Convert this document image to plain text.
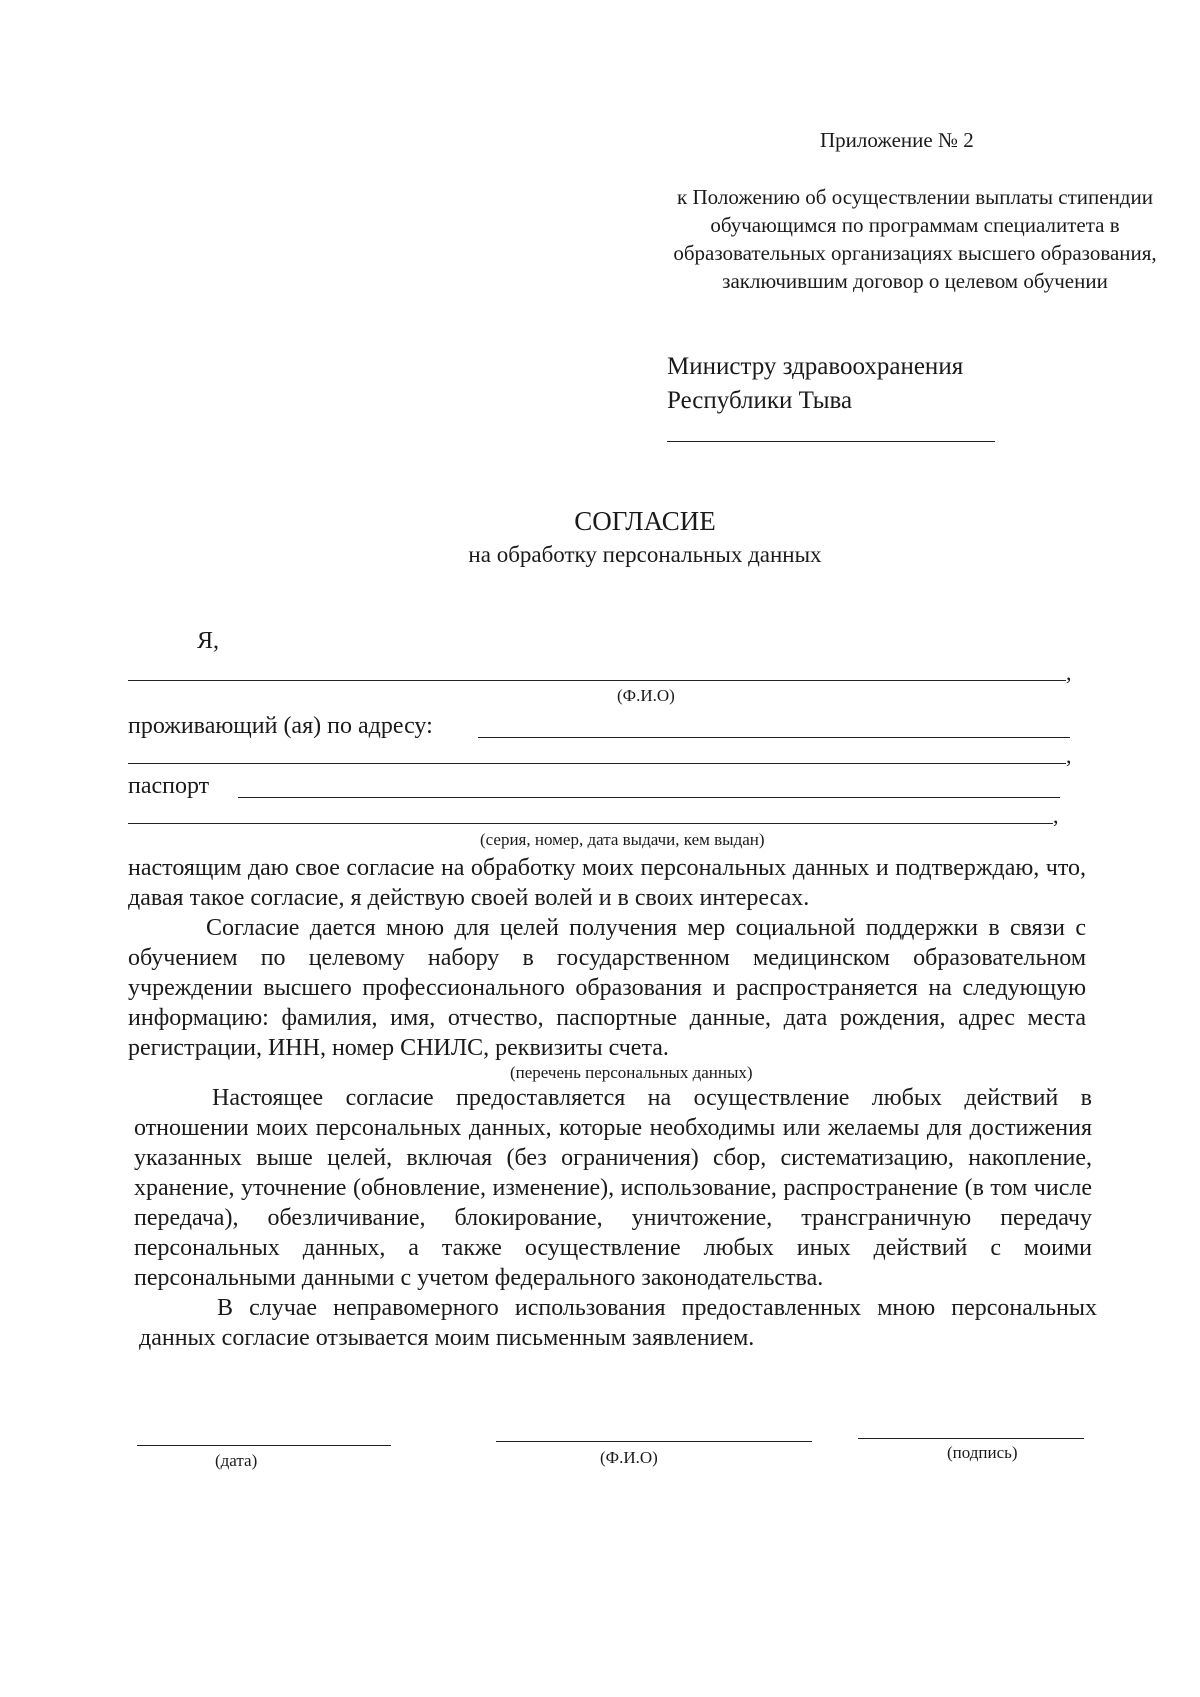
Приложение № 2
к Положению об осуществлении выплаты стипендии обучающимся по программам специалитета в образовательных организациях высшего образования, заключившим договор о целевом обучении
Министру здравоохранения
Республики Тыва
СОГЛАСИЕ
на обработку персональных данных
Я,
,
(Ф.И.О)
проживающий (ая) по адресу:
,
паспорт
,
(серия, номер, дата выдачи, кем выдан)
настоящим даю свое согласие на обработку моих персональных данных и подтверждаю, что, давая такое согласие, я действую своей волей и в своих интересах.
Согласие дается мною для целей получения мер социальной поддержки в связи с обучением по целевому набору в государственном медицинском образовательном учреждении высшего профессионального образования и распространяется на следующую информацию: фамилия, имя, отчество, паспортные данные, дата рождения, адрес места регистрации, ИНН, номер СНИЛС, реквизиты счета.
(перечень персональных данных)
Настоящее согласие предоставляется на осуществление любых действий в отношении моих персональных данных, которые необходимы или желаемы для достижения указанных выше целей, включая (без ограничения) сбор, систематизацию, накопление, хранение, уточнение (обновление, изменение), использование, распространение (в том числе передача), обезличивание, блокирование, уничтожение, трансграничную передачу персональных данных, а также осуществление любых иных действий с моими персональными данными с учетом федерального законодательства.
В случае неправомерного использования предоставленных мною персональных данных согласие отзывается моим письменным заявлением.
(дата)	(Ф.И.О)	(подпись)
